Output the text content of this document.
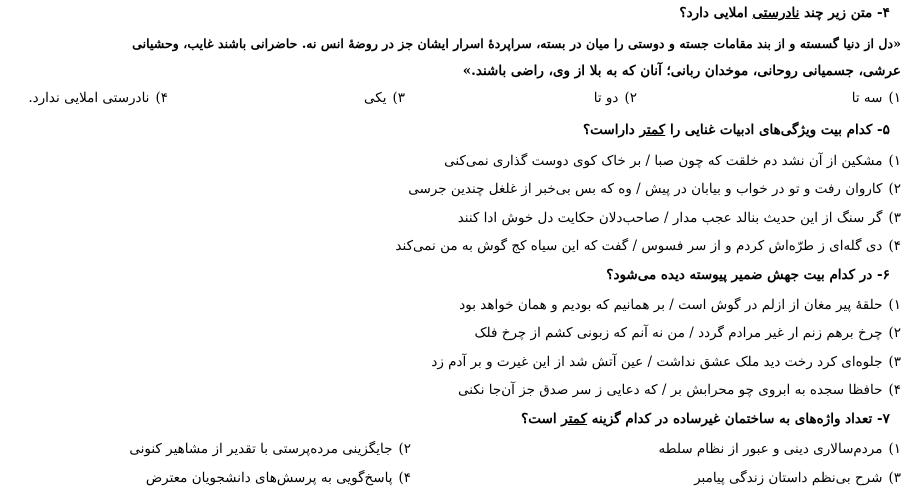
۴- متن زیر چند نادرستی املایی دارد؟
«دل از دنیا گسسته و از بند مقامات جسته و دوستی را میان در بسته، سراپردهٔ اسرار ایشان جز در روضهٔ انس نه. حاضرانی باشند غایب، وحشیانی
عرشی، جسمیانی روحانی، موخدان ربانی؛ آنان که به بلا از وی، راضی باشند.»
۱)سه تا
۲)دو تا
۳)یکی
۴)نادرستی املایی ندارد.
۵- کدام بیت ویژگی‌های ادبیات غنایی را کمتر داراست؟
۱)مشکین از آن نشد دم خلقت که چون صبا / بر خاک کوی دوست گذاری نمی‌کنی
۲)کاروان رفت و تو در خواب و بیابان در پیش / وه که بس بی‌خبر از غلغل چندین جرسی
۳)گر سنگ از این حدیث بنالد عجب مدار / صاحب‌دلان حکایت دل خوش ادا کنند
۴)دی گله‌ای ز طرّه‌اش کردم و از سر فسوس / گفت که این سیاه کج گوش به من نمی‌کند
۶- در کدام بیت جهش ضمیر پیوسته دیده می‌شود؟
۱)حلقهٔ پیر مغان از ازلم در گوش است / بر همانیم که بودیم و همان خواهد بود
۲)چرخ برهم زنم ار غیر مرادم گردد / من نه آنم که زبونی کشم از چرخ فلک
۳)جلوه‌ای کرد رخت دید ملک عشق نداشت / عین آتش شد از این غیرت و بر آدم زد
۴)حافظا سجده به ابروی چو محرابش بر / که دعایی ز سر صدق جز آن‌جا نکنی
۷- تعداد واژه‌های به ساختمان غیرساده در کدام گزینه کمتر است؟
۱)مردم‌سالاری دینی و عبور از نظام سلطه
۲)جایگزینی مرده‌پرستی با تقدیر از مشاهیر کنونی
۳)شرح بی‌نظم داستان زندگی پیامبر
۴)پاسخ‌گویی به پرسش‌های دانشجویان معترض
